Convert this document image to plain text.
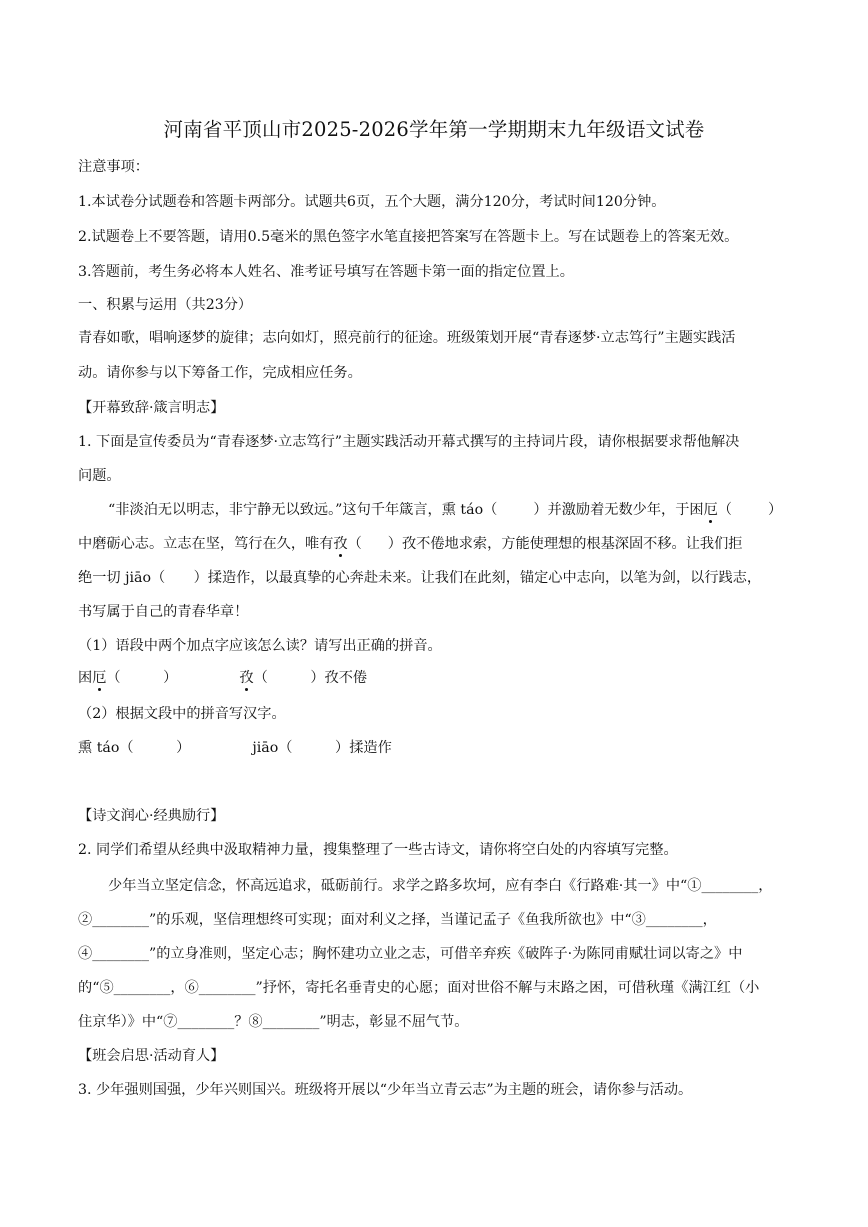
河南省平顶山市2025-2026学年第一学期期末九年级语文试卷
注意事项：
1.本试卷分试题卷和答题卡两部分。试题共6页，五个大题，满分120分，考试时间120分钟。
2.试题卷上不要答题，请用0.5毫米的黑色签字水笔直接把答案写在答题卡上。写在试题卷上的答案无效。
3.答题前，考生务必将本人姓名、准考证号填写在答题卡第一面的指定位置上。
一、积累与运用（共23分）
青春如歌，唱响逐梦的旋律；志向如灯，照亮前行的征途。班级策划开展“青春逐梦·立志笃行”主题实践活
动。请你参与以下筹备工作，完成相应任务。
【开幕致辞·箴言明志】
1. 下面是宣传委员为“青春逐梦·立志笃行”主题实践活动开幕式撰写的主持词片段，请你根据要求帮他解决
问题。
“非淡泊无以明志，非宁静无以致远。”这句千年箴言，熏 táo（	）并激励着无数少年，于困厄（	）
中磨砺心志。立志在坚，笃行在久，唯有孜（ ）孜不倦地求索，方能使理想的根基深固不移。让我们拒
绝一切 jiāo（　　）揉造作，以最真挚的心奔赴未来。让我们在此刻，锚定心中志向，以笔为剑，以行践志，
书写属于自己的青春华章！
（1）语段中两个加点字应该怎么读？请写出正确的拼音。
困厄（　　　）	孜（　　　）孜不倦
（2）根据文段中的拼音写汉字。
熏 táo（　　　）	jiāo（　　　）揉造作
【诗文润心·经典励行】
2. 同学们希望从经典中汲取精神力量，搜集整理了一些古诗文，请你将空白处的内容填写完整。
少年当立坚定信念，怀高远追求，砥砺前行。求学之路多坎坷，应有李白《行路难·其一》中“①________，
②________”的乐观，坚信理想终可实现；面对利义之择，当谨记孟子《鱼我所欲也》中“③________，
④________”的立身准则，坚定心志；胸怀建功立业之志，可借辛弃疾《破阵子·为陈同甫赋壮词以寄之》中
的“⑤________，⑥________”抒怀，寄托名垂青史的心愿；面对世俗不解与末路之困，可借秋瑾《满江红（小
住京华）》中“⑦________？⑧________”明志，彰显不屈气节。
【班会启思·活动育人】
3. 少年强则国强，少年兴则国兴。班级将开展以“少年当立青云志”为主题的班会，请你参与活动。
